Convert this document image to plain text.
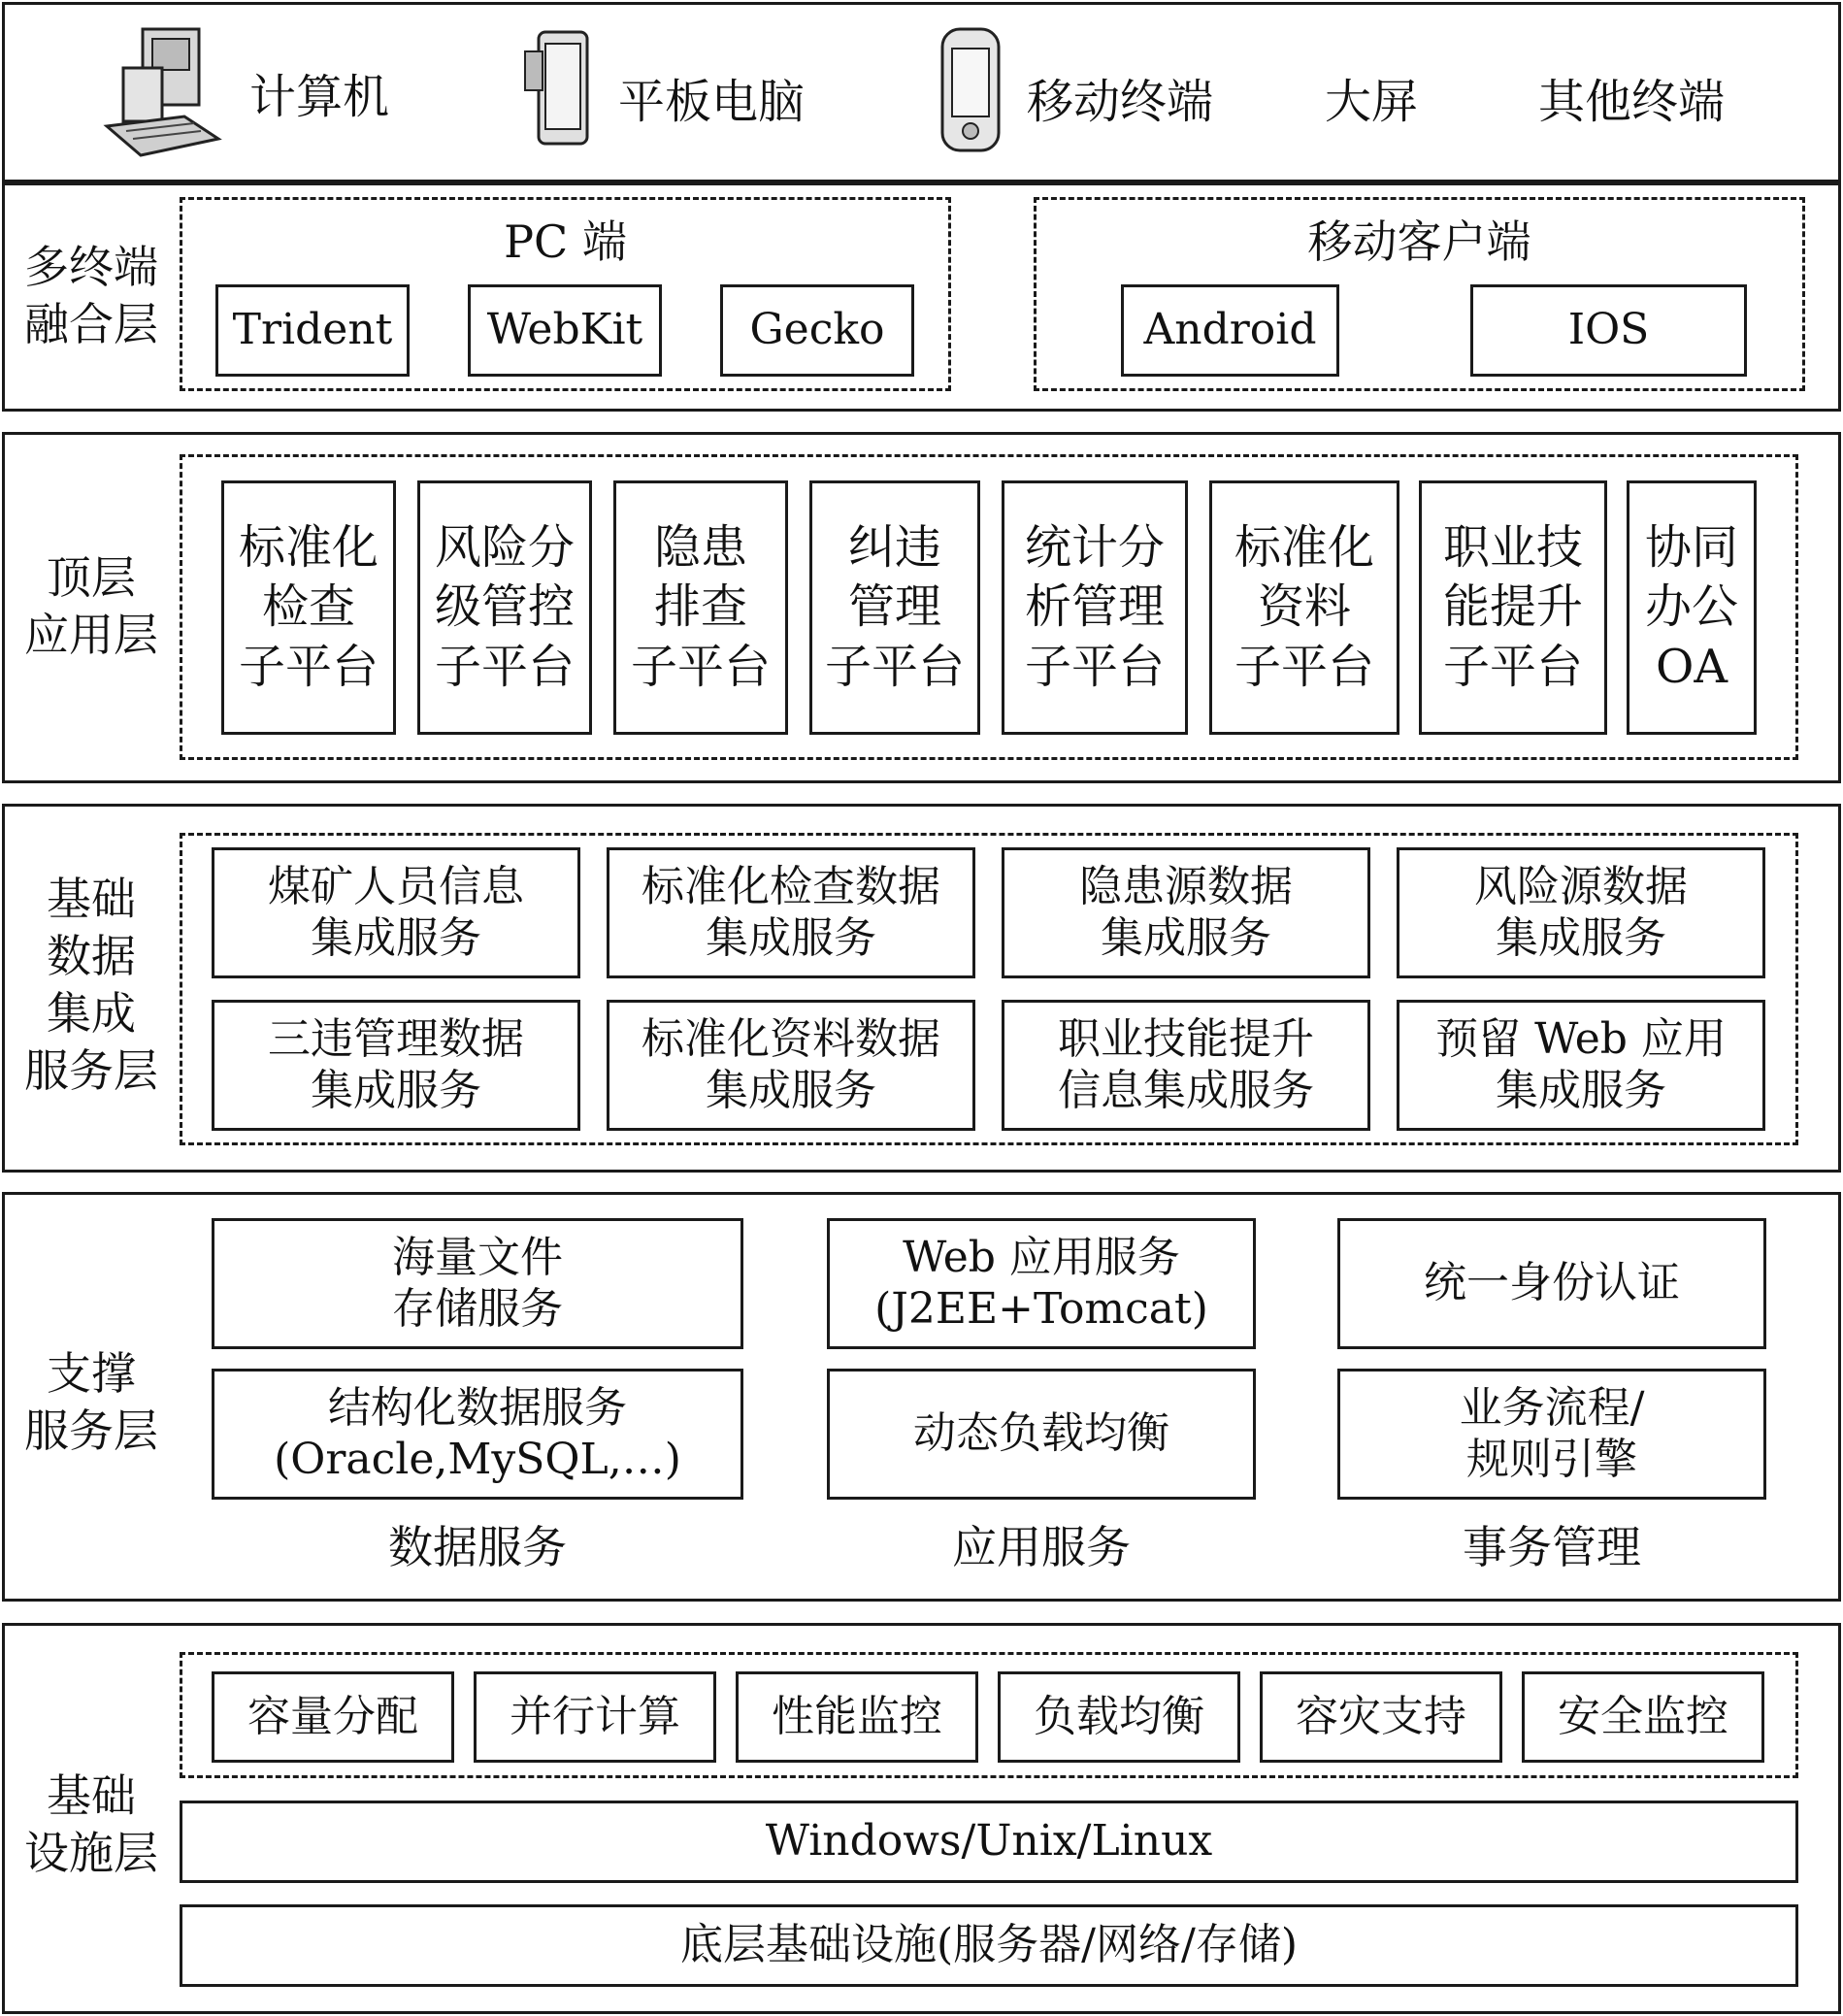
计算机	平板电脑	移动终端 大屏	其他终端
多终端
融合层
PC 端
Trident	WebKit	Gecko
移动客户端
Android	IOS
顶层
应用层
标准化
检查
子平台
风险分
级管控
子平台
隐患
排查
子平台
纠违
管理
子平台
统计分
析管理
子平台
标准化
资料
子平台
职业技
能提升
子平台
协同
办公
OA
基础
数据
集成
服务层
煤矿人员信息
集成服务
标准化检查数据
集成服务
隐患源数据
集成服务
风险源数据
集成服务
三违管理数据
集成服务
标准化资料数据
集成服务
职业技能提升
信息集成服务
预留 Web 应用
集成服务
支撑
服务层
海量文件
存储服务
结构化数据服务
(Oracle,MySQL,…)
数据服务
Web 应用服务
(J2EE+Tomcat)
动态负载均衡
应用服务
统一身份认证
业务流程/
规则引擎
事务管理
基础
设施层
容量分配	并行计算	性能监控	负载均衡	容灾支持	安全监控
Windows/Unix/Linux
底层基础设施(服务器/网络/存储)
